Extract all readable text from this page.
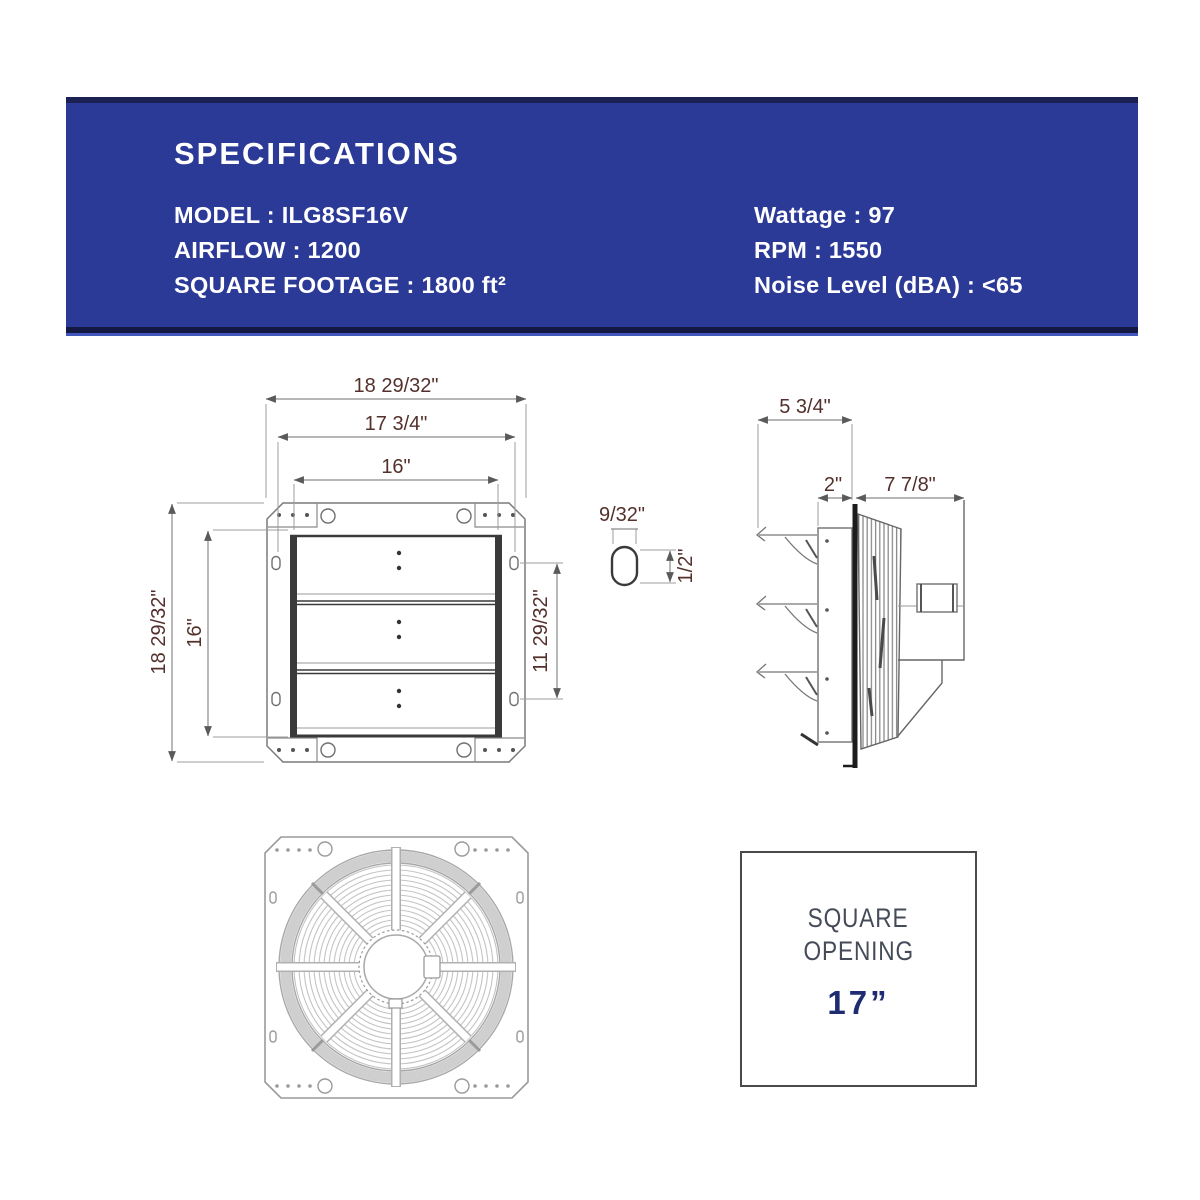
SPECIFICATIONS
MODEL : ILG8SF16V
AIRFLOW : 1200
SQUARE FOOTAGE : 1800 ft²
Wattage : 97
RPM : 1550
Noise Level (dBA) : <65
18 29/32"
17 3/4"
16"
18 29/32" 16"	11 29/32"
9/32"
1/2"
5 3/4"
2" 7 7/8"
SQUARE
OPENING
17”
